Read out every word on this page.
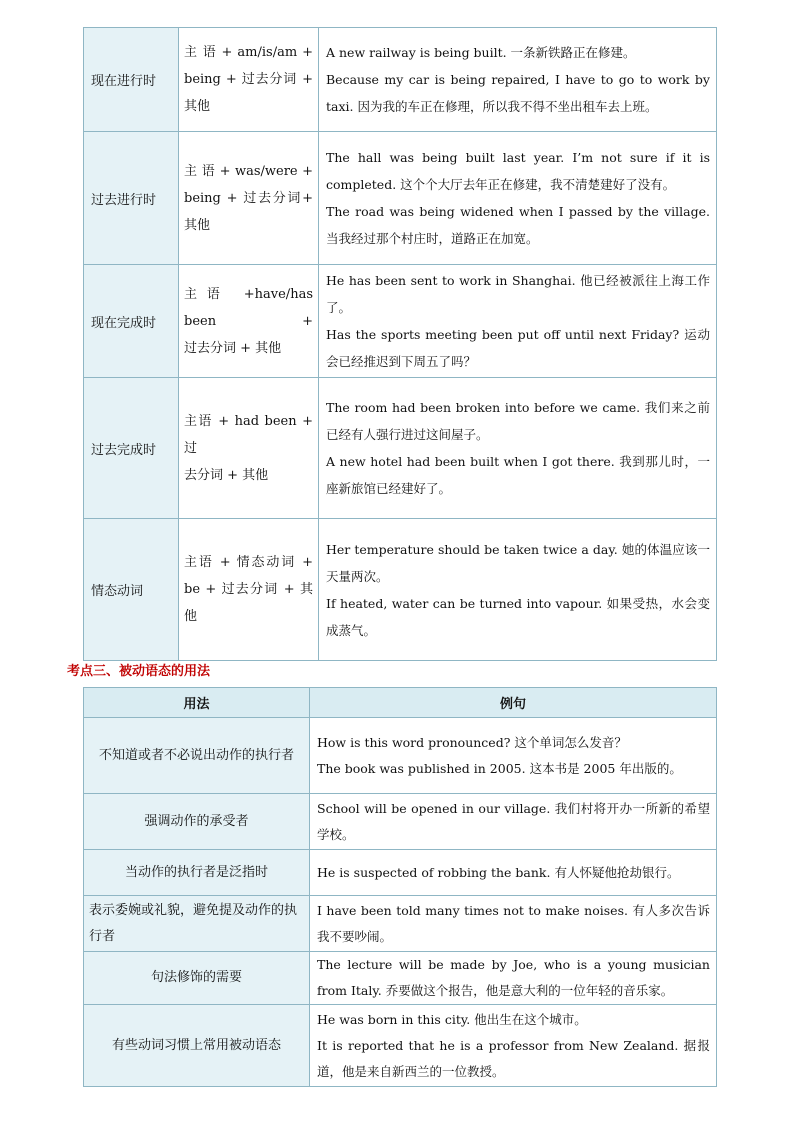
现在进行时	主 语 + am/is/am +
being + 过去分词 +
其他	A new railway is being built. 一条新铁路正在修建。
Because my car is being repaired, I have to go to work by taxi. 因为我的车正在修理，所以我不得不坐出租车去上班。

过去进行时	主 语 + was/were +
being + 过去分词+
其他	The hall was being built last year. I’m not sure if it is completed. 这个个大厅去年正在修建，我不清楚建好了没有。
The road was being widened when I passed by the village. 当我经过那个村庄时，道路正在加宽。

现在完成时	主语 +have/has been +
过去分词 + 其他	He has been sent to work in Shanghai. 他已经被派往上海工作了。
Has the sports meeting been put off until next Friday? 运动会已经推迟到下周五了吗？

过去完成时	主语 + had been + 过
去分词 + 其他	The room had been broken into before we came. 我们来之前已经有人强行进过这间屋子。
A new hotel had been built when I got there. 我到那儿时，一座新旅馆已经建好了。

情态动词	主语 + 情态动词 +
be + 过去分词 + 其
他	Her temperature should be taken twice a day. 她的体温应该一天量两次。
If heated, water can be turned into vapour. 如果受热，水会变成蒸气。
考点三、被动语态的用法
用法	例句
不知道或者不必说出动作的执行者	How is this word pronounced? 这个单词怎么发音？
The book was published in 2005. 这本书是 2005 年出版的。

强调动作的承受者	School will be opened in our village. 我们村将开办一所新的希望学校。

当动作的执行者是泛指时	He is suspected of robbing the bank. 有人怀疑他抢劫银行。

表示委婉或礼貌，避免提及动作的执行者	I have been told many times not to make noises. 有人多次告诉我不要吵闹。

句法修饰的需要	The lecture will be made by Joe, who is a young musician from Italy. 乔要做这个报告，他是意大利的一位年轻的音乐家。

有些动词习惯上常用被动语态	He was born in this city. 他出生在这个城市。
It is reported that he is a professor from New Zealand. 据报道，他是来自新西兰的一位教授。
